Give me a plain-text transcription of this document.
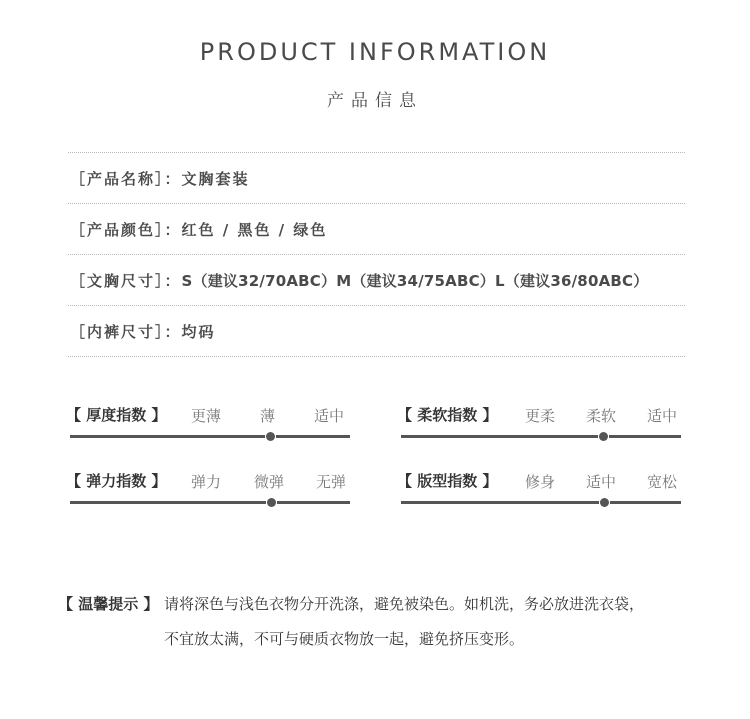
PRODUCT INFORMATION
产品信息
［产品名称］： 文胸套装
［产品颜色］： 红色 / 黑色 / 绿色
［文胸尺寸］： S（建议32/70ABC）M（建议34/75ABC）L（建议36/80ABC）
［内裤尺寸］： 均码
【 厚度指数 】 更薄	薄	适中	【 柔软指数 】 更柔 柔软 适中
【 弹力指数 】 弹力 微弹 无弹	【 版型指数 】 修身 适中 宽松
【 温馨提示 】 请将深色与浅色衣物分开洗涤，避免被染色。如机洗，务必放进洗衣袋，
不宜放太满，不可与硬质衣物放一起，避免挤压变形。
